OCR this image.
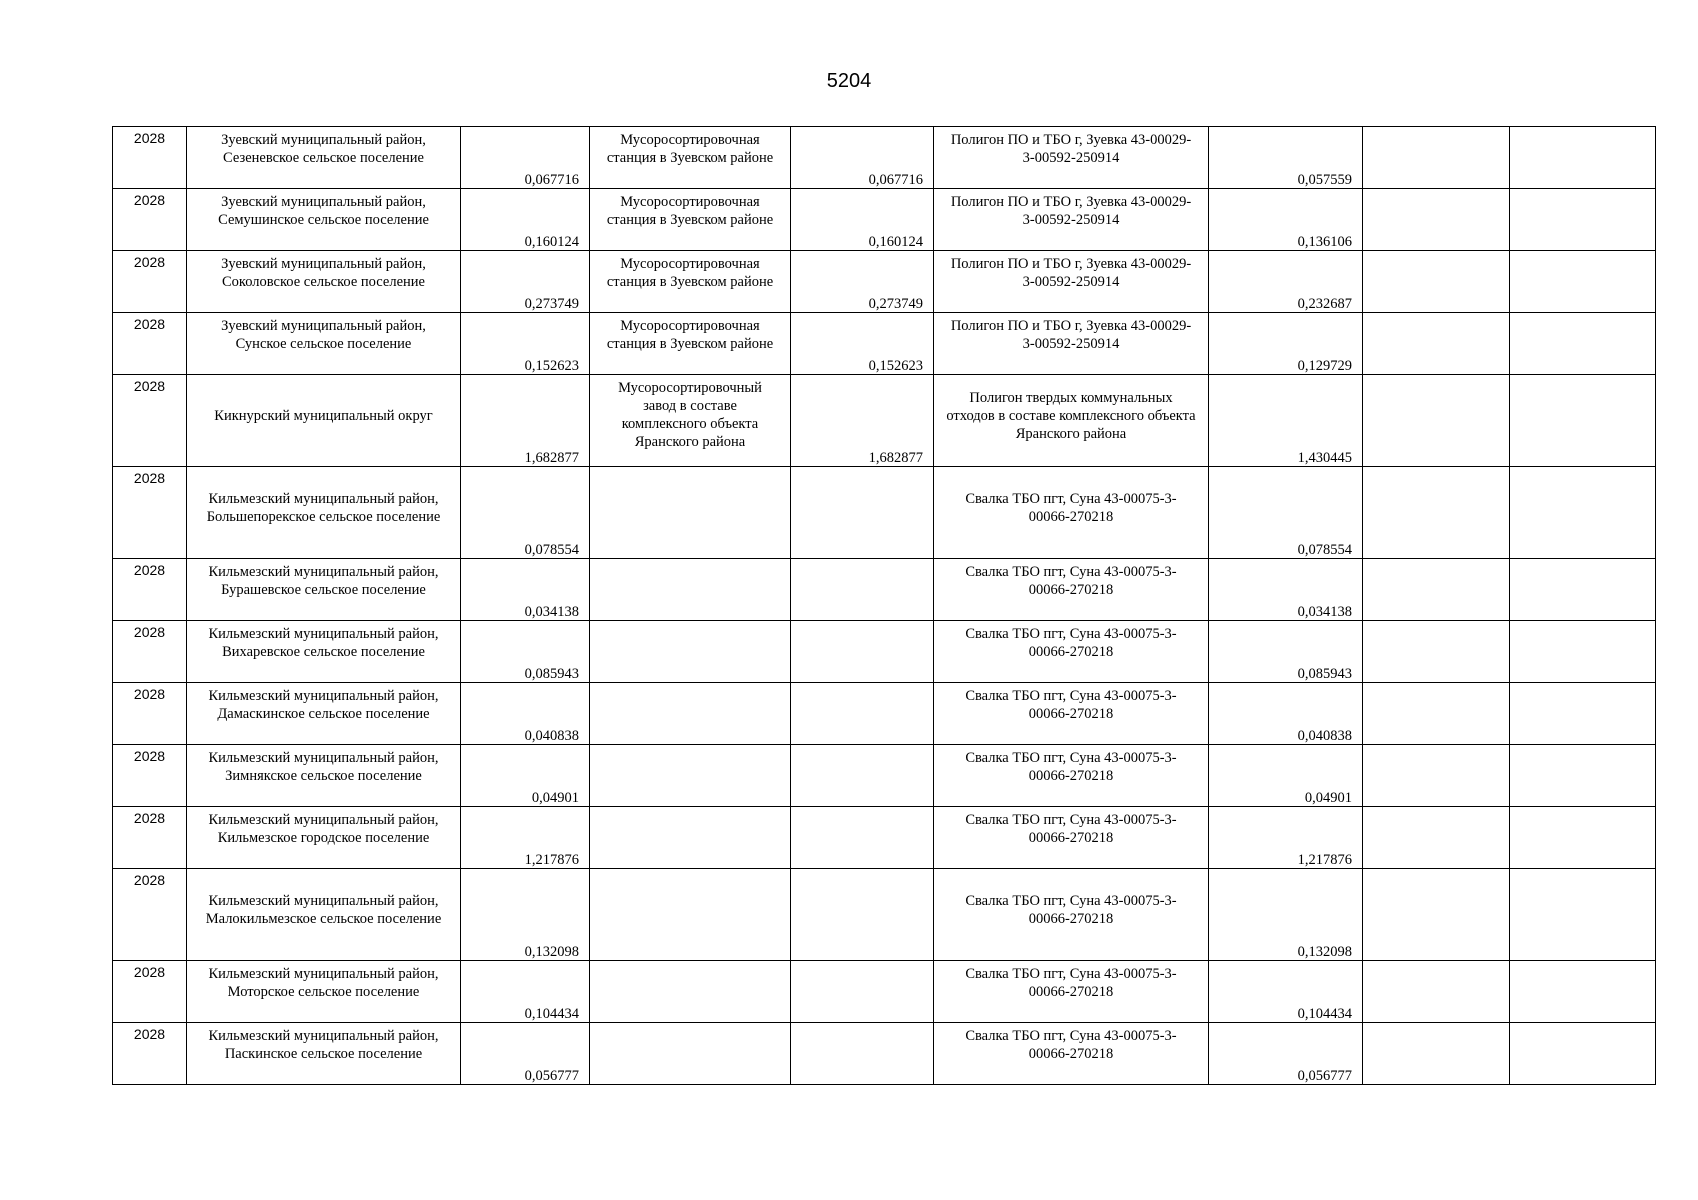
5204
2028	Зуевский муниципальный район, Сезеневское сельское поселение	0,067716	Мусоросортировочная станция в Зуевском районе	0,067716	Полигон ПО и ТБО г, Зуевка 43-00029-3-00592-250914	0,057559		

2028	Зуевский муниципальный район, Семушинское сельское поселение	0,160124	Мусоросортировочная станция в Зуевском районе	0,160124	Полигон ПО и ТБО г, Зуевка 43-00029-3-00592-250914	0,136106		

2028	Зуевский муниципальный район, Соколовское сельское поселение	0,273749	Мусоросортировочная станция в Зуевском районе	0,273749	Полигон ПО и ТБО г, Зуевка 43-00029-3-00592-250914	0,232687		

2028	Зуевский муниципальный район, Сунское сельское поселение	0,152623	Мусоросортировочная станция в Зуевском районе	0,152623	Полигон ПО и ТБО г, Зуевка 43-00029-3-00592-250914	0,129729		

2028	Кикнурский муниципальный округ	1,682877	Мусоросортировочный завод в составе комплексного объекта Яранского района	1,682877	Полигон твердых коммунальных отходов в составе комплексного объекта Яранского района	1,430445		

2028	Кильмезский муниципальный район, Большепорекское сельское поселение	0,078554			Свалка ТБО пгт, Суна 43-00075-3-00066-270218	0,078554		

2028	Кильмезский муниципальный район, Бурашевское сельское поселение	0,034138			Свалка ТБО пгт, Суна 43-00075-3-00066-270218	0,034138		

2028	Кильмезский муниципальный район, Вихаревское сельское поселение	0,085943			Свалка ТБО пгт, Суна 43-00075-3-00066-270218	0,085943		

2028	Кильмезский муниципальный район, Дамаскинское сельское поселение	0,040838			Свалка ТБО пгт, Суна 43-00075-3-00066-270218	0,040838		

2028	Кильмезский муниципальный район, Зимнякское сельское поселение	0,04901			Свалка ТБО пгт, Суна 43-00075-3-00066-270218	0,04901		

2028	Кильмезский муниципальный район, Кильмезское городское поселение	1,217876			Свалка ТБО пгт, Суна 43-00075-3-00066-270218	1,217876		

2028	Кильмезский муниципальный район, Малокильмезское сельское поселение	0,132098			Свалка ТБО пгт, Суна 43-00075-3-00066-270218	0,132098		

2028	Кильмезский муниципальный район, Моторское сельское поселение	0,104434			Свалка ТБО пгт, Суна 43-00075-3-00066-270218	0,104434		

2028	Кильмезский муниципальный район, Паскинское сельское поселение	0,056777			Свалка ТБО пгт, Суна 43-00075-3-00066-270218	0,056777		
